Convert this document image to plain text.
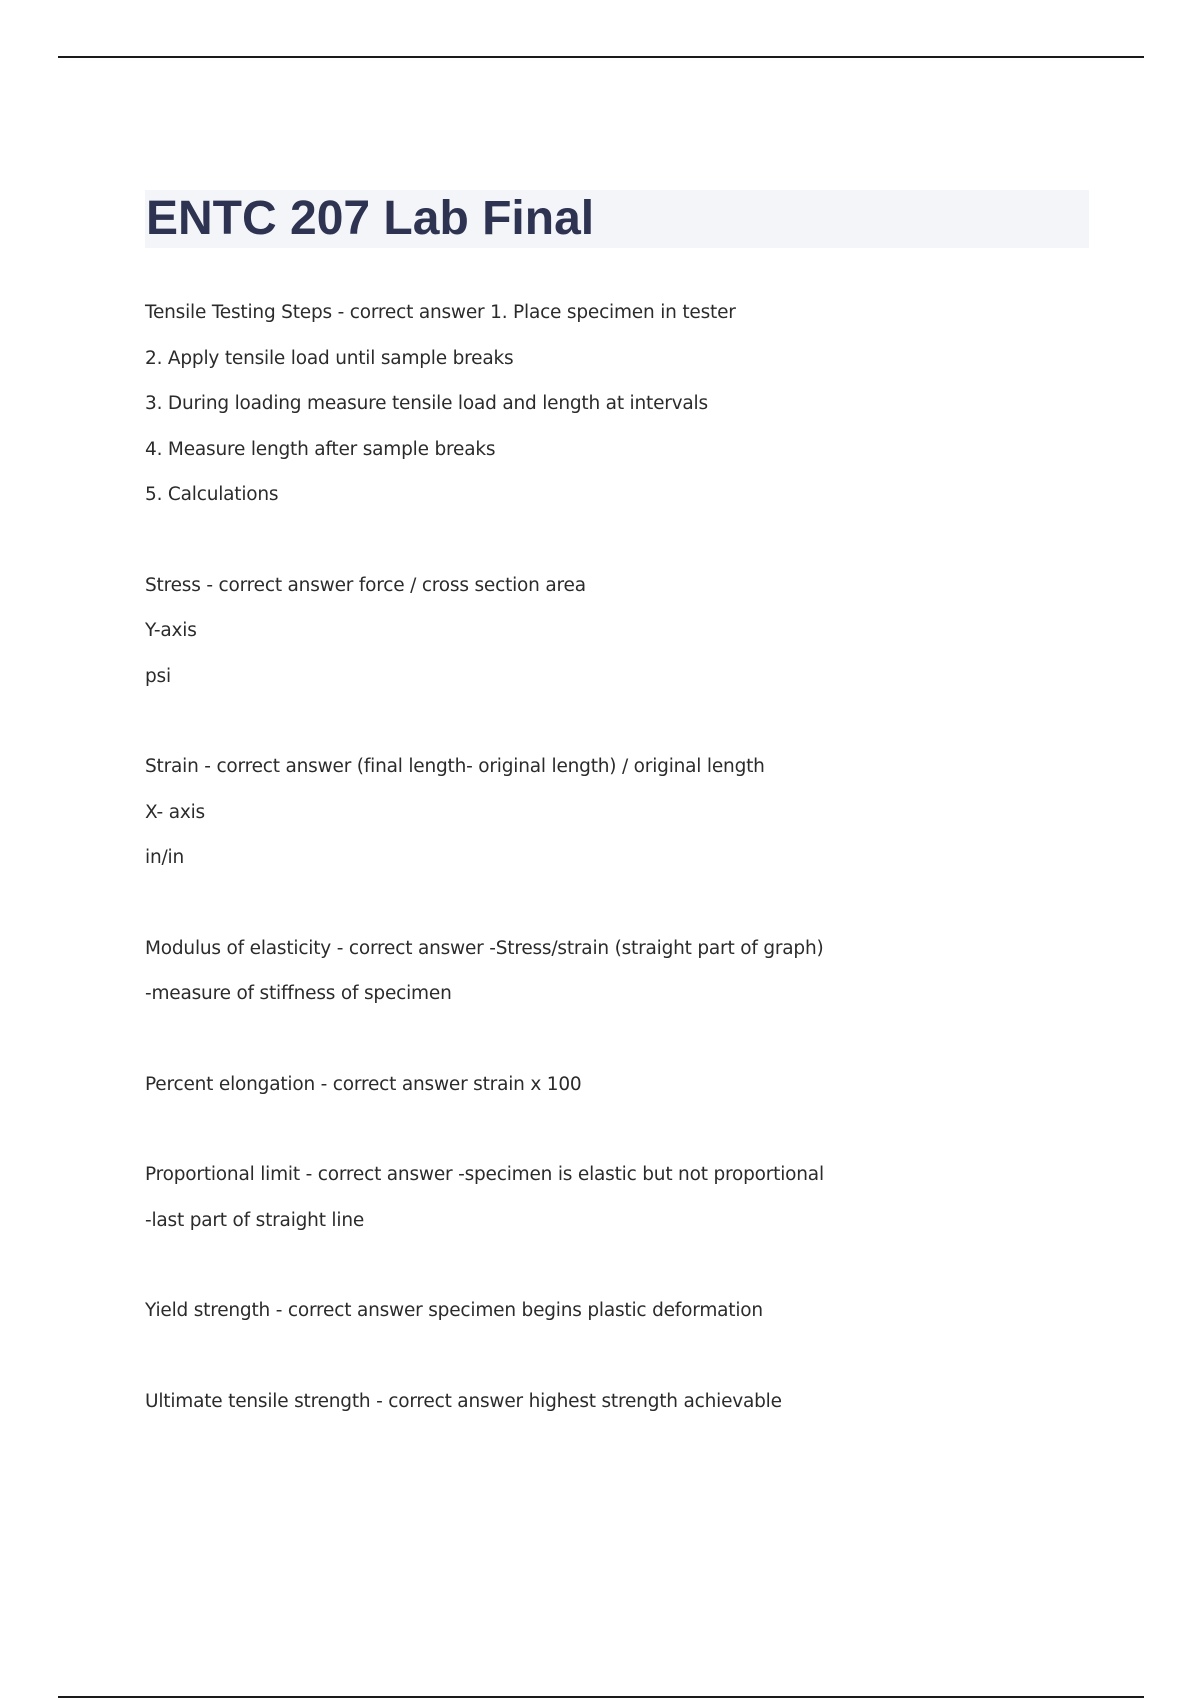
ENTC 207 Lab Final
Tensile Testing Steps - correct answer 1. Place specimen in tester
2. Apply tensile load until sample breaks
3. During loading measure tensile load and length at intervals
4. Measure length after sample breaks
5. Calculations
Stress - correct answer force / cross section area
Y-axis
psi
Strain - correct answer (final length- original length) / original length
X- axis
in/in
Modulus of elasticity - correct answer -Stress/strain (straight part of graph)
-measure of stiffness of specimen
Percent elongation - correct answer strain x 100
Proportional limit - correct answer -specimen is elastic but not proportional
-last part of straight line
Yield strength - correct answer specimen begins plastic deformation
Ultimate tensile strength - correct answer highest strength achievable
